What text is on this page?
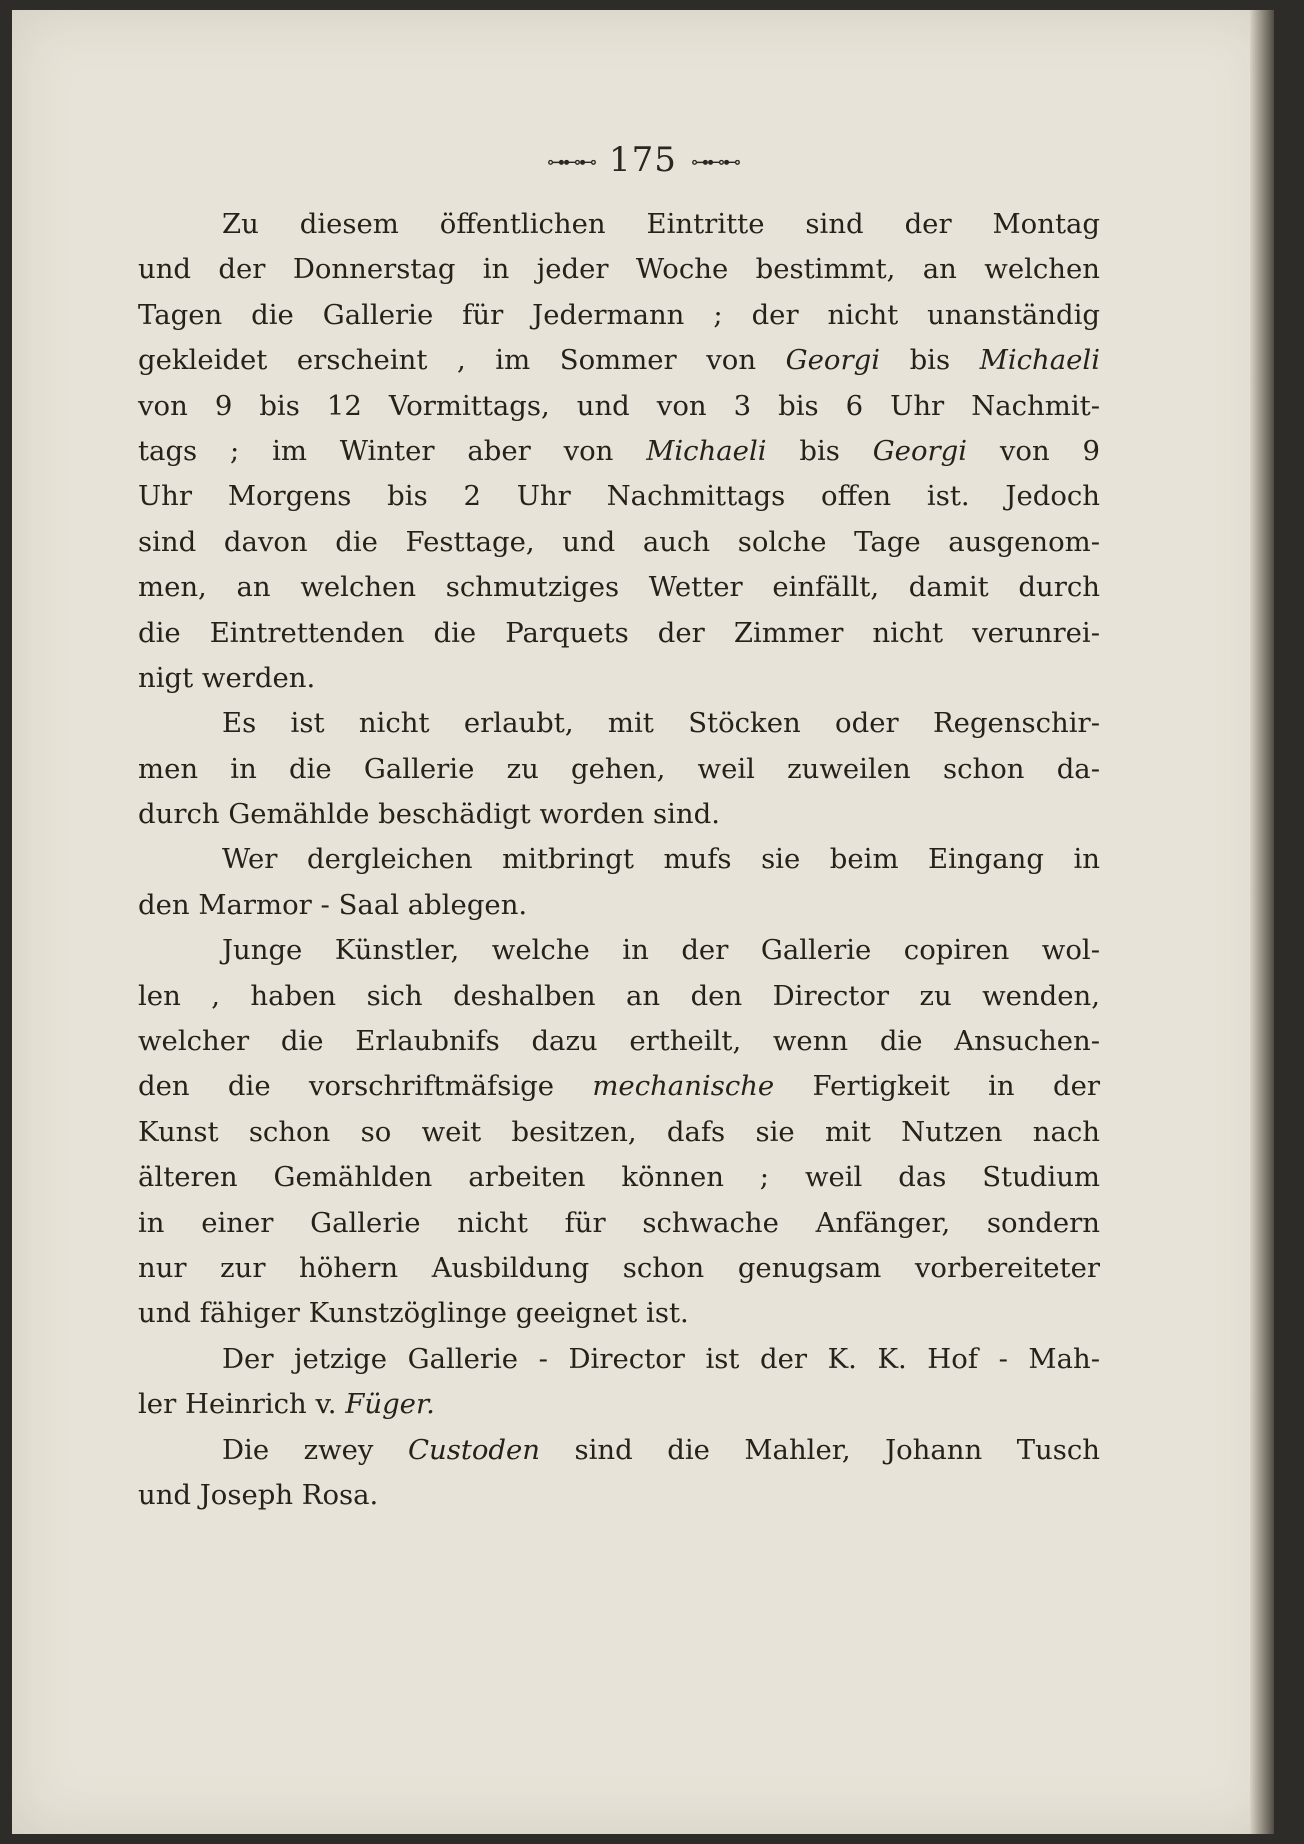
⊶⊷⊷ 175 ⊶⊷⊷
Zu diesem öffentlichen Eintritte sind der Montag
und der Donnerstag in jeder Woche bestimmt, an welchen
Tagen die Gallerie für Jedermann ; der nicht unanständig
gekleidet erscheint , im Sommer von Georgi bis Michaeli
von 9 bis 12 Vormittags, und von 3 bis 6 Uhr Nachmit-
tags ; im Winter aber von Michaeli bis Georgi von 9
Uhr Morgens bis 2 Uhr Nachmittags offen ist. Jedoch
sind davon die Festtage, und auch solche Tage ausgenom-
men, an welchen schmutziges Wetter einfällt, damit durch
die Eintrettenden die Parquets der Zimmer nicht verunrei-
nigt werden.
Es ist nicht erlaubt, mit Stöcken oder Regenschir-
men in die Gallerie zu gehen, weil zuweilen schon da-
durch Gemählde beschädigt worden sind.
Wer dergleichen mitbringt mufs sie beim Eingang in
den Marmor - Saal ablegen.
Junge Künstler, welche in der Gallerie copiren wol-
len , haben sich deshalben an den Director zu wenden,
welcher die Erlaubnifs dazu ertheilt, wenn die Ansuchen-
den die vorschriftmäfsige mechanische Fertigkeit in der
Kunst schon so weit besitzen, dafs sie mit Nutzen nach
älteren Gemählden arbeiten können ; weil das Studium
in einer Gallerie nicht für schwache Anfänger, sondern
nur zur höhern Ausbildung schon genugsam vorbereiteter
und fähiger Kunstzöglinge geeignet ist.
Der jetzige Gallerie - Director ist der K. K. Hof - Mah-
ler Heinrich v. Füger.
Die zwey Custoden sind die Mahler, Johann Tusch
und Joseph Rosa.
